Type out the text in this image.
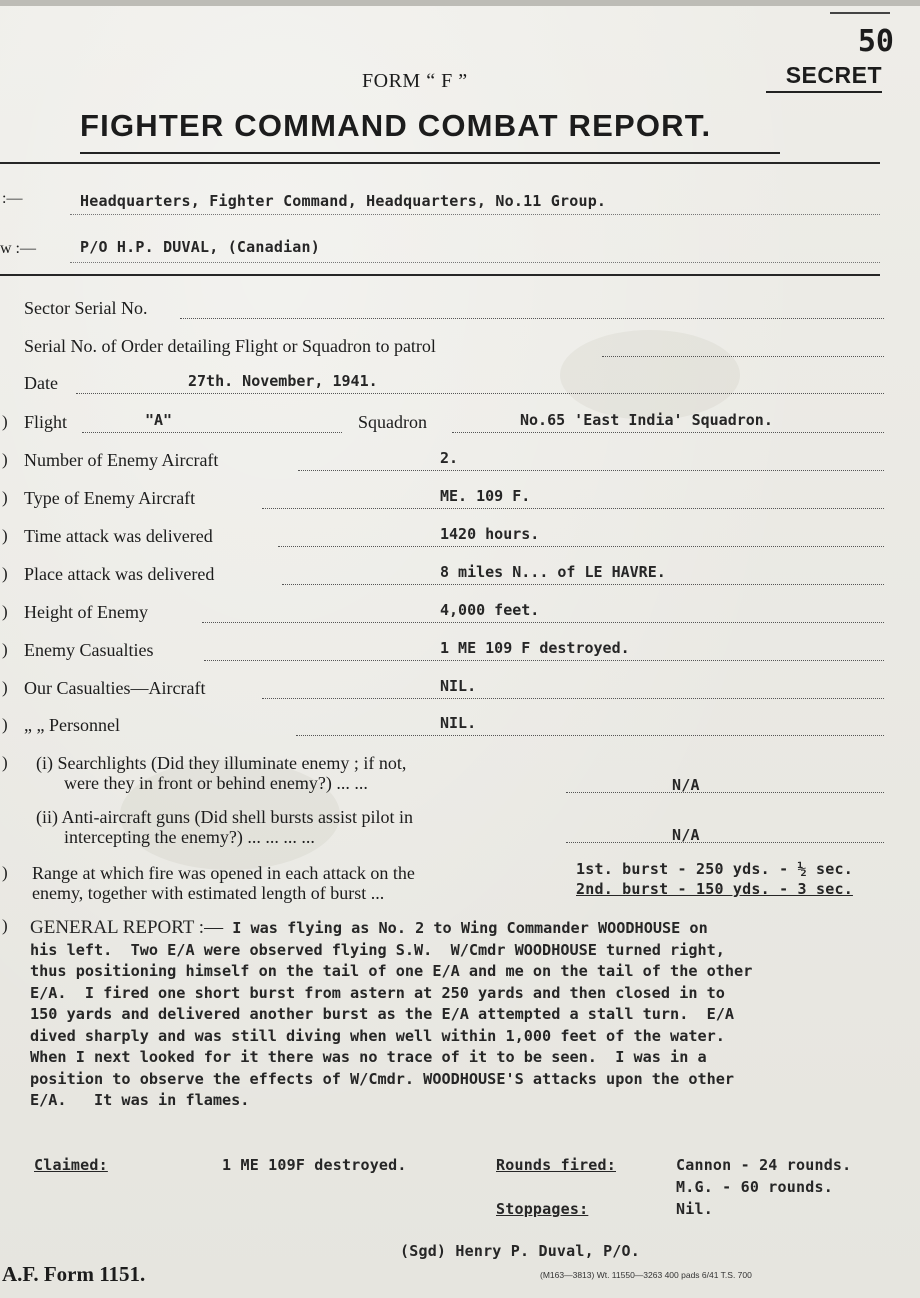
50
FORM “ F ”	SECRET
FIGHTER COMMAND COMBAT REPORT.
:—	Headquarters, Fighter Command, Headquarters, No.11 Group.
w :—	P/O H.P. DUVAL, (Canadian)
Sector Serial No.
Serial No. of Order detailing Flight or Squadron to patrol
Date	27th. November, 1941.
) Flight	"A"	Squadron	No.65 'East India' Squadron.
) Number of Enemy Aircraft	2.
) Type of Enemy Aircraft	ME. 109 F.
) Time attack was delivered	1420 hours.
) Place attack was delivered	8 miles N... of LE HAVRE.
) Height of Enemy	4,000 feet.
) Enemy Casualties	1 ME 109 F destroyed.
) Our Casualties—Aircraft	NIL.
) „ „ Personnel	NIL.
) (i) Searchlights (Did they illuminate enemy ; if not,
were they in front or behind enemy?) ... ...	N/A
(ii) Anti-aircraft guns (Did shell bursts assist pilot in
intercepting the enemy?) ... ... ... ...	N/A
) Range at which fire was opened in each attack on the
enemy, together with estimated length of burst ...
1st. burst - 250 yds. - ½ sec.
2nd. burst - 150 yds. - 3 sec.
) GENERAL REPORT :— I was flying as No. 2 to Wing Commander WOODHOUSE on
his left.  Two E/A were observed flying S.W.  W/Cmdr WOODHOUSE turned right,
thus positioning himself on the tail of one E/A and me on the tail of the other
E/A.  I fired one short burst from astern at 250 yards and then closed in to
150 yards and delivered another burst as the E/A attempted a stall turn.  E/A
dived sharply and was still diving when well within 1,000 feet of the water.
When I next looked for it there was no trace of it to be seen.  I was in a
position to observe the effects of W/Cmdr. WOODHOUSE'S attacks upon the other
E/A.   It was in flames.
Claimed:	1 ME 109F destroyed.	Rounds fired:	Cannon - 24 rounds.
M.G. - 60 rounds.
Stoppages:	Nil.
(Sgd) Henry P. Duval, P/O.
A.F. Form 1151.	(M163—3813) Wt. 11550—3263 400 pads 6/41 T.S. 700
